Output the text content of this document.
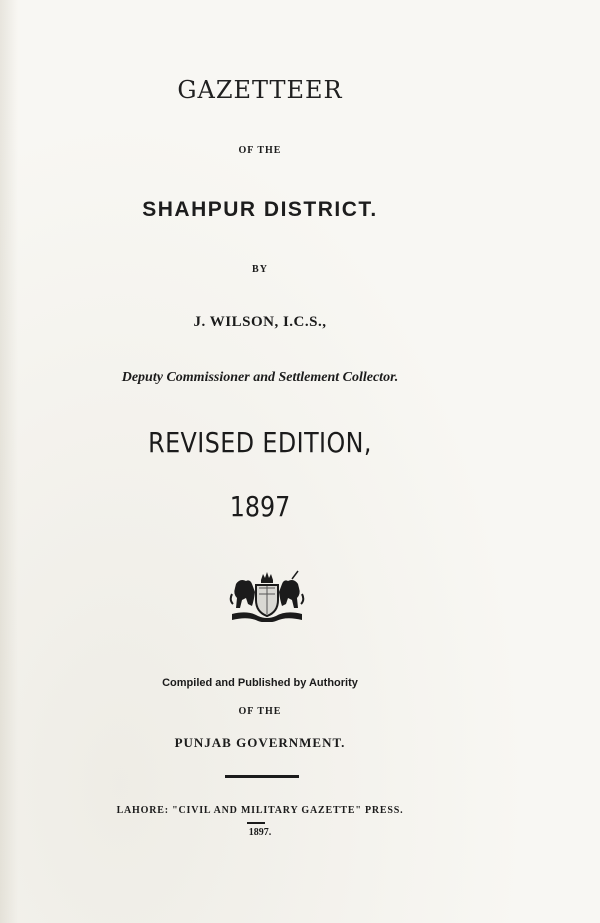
GAZETTEER
OF THE
SHAHPUR DISTRICT.
BY
J. WILSON, I.C.S.,
Deputy Commissioner and Settlement Collector.
REVISED EDITION,
1897
Compiled and Published by Authority
OF THE
PUNJAB GOVERNMENT.
LAHORE: "CIVIL AND MILITARY GAZETTE" PRESS.
1897.
